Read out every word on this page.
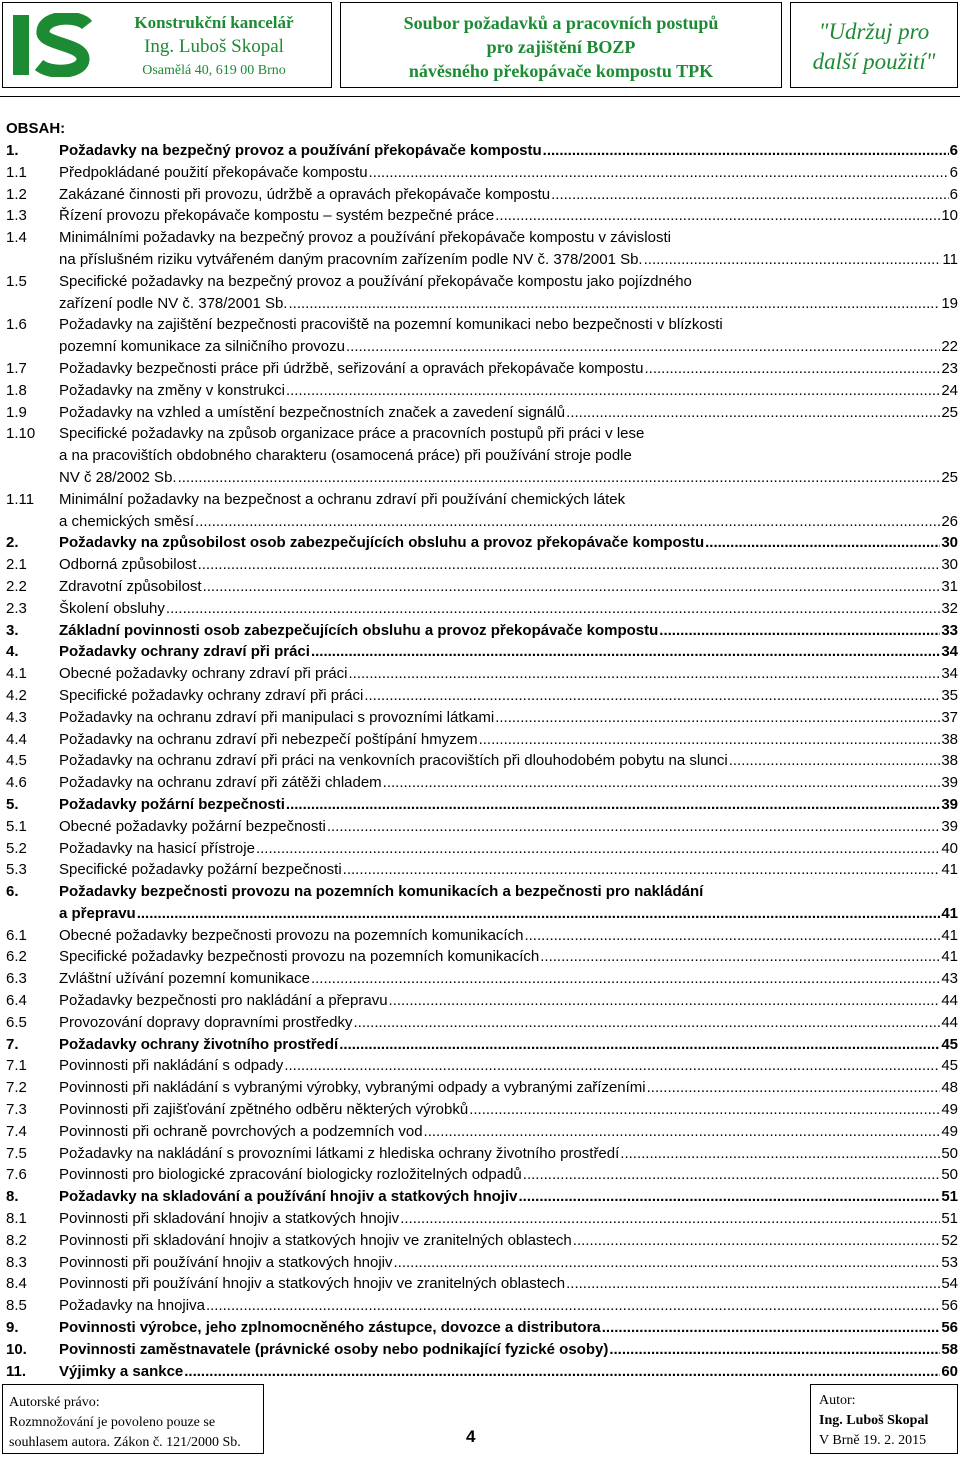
Konstrukční kancelář
Ing. Luboš Skopal
Osamělá 40, 619 00 Brno
Soubor požadavků a pracovních postupů
pro zajištění BOZP
návěsného překopávače kompostu TPK
"Udržuj pro
další použití"
OBSAH:
1.	Požadavky na bezpečný provoz a používání překopávače kompostu .....	6
1.1 Předpokládané použití překopávače kompostu .....	6
1.2 Zakázané činnosti při provozu, údržbě a opravách překopávače kompostu .....	6
1.3 Řízení provozu překopávače kompostu – systém bezpečné práce .....	10
1.4 Minimálními požadavky na bezpečný provoz a používání překopávače kompostu v závislosti
na příslušném riziku vytvářeném daným pracovním zařízením podle NV č. 378/2001 Sb. .....	11
1.5 Specifické požadavky na bezpečný provoz a používání překopávače kompostu jako pojízdného
zařízení podle NV č. 378/2001 Sb. .....	19
1.6 Požadavky na zajištění bezpečnosti pracoviště na pozemní komunikaci nebo bezpečnosti v blízkosti
pozemní komunikace za silničního provozu .....	22
1.7 Požadavky bezpečnosti práce při údržbě, seřizování a opravách překopávače kompostu .....	23
1.8 Požadavky na změny v konstrukci .....	24
1.9 Požadavky na vzhled a umístění bezpečnostních značek a zavedení signálů .....	25
1.10 Specifické požadavky na způsob organizace práce a pracovních postupů při práci v lese
a na pracovištích obdobného charakteru (osamocená práce) při používání stroje podle
NV č 28/2002 Sb. .....	25
1.11 Minimální požadavky na bezpečnost a ochranu zdraví při používání chemických látek
a chemických směsí .....	26
2.	Požadavky na způsobilost osob zabezpečujících obsluhu a provoz překopávače kompostu .....	30
2.1 Odborná způsobilost .....	30
2.2 Zdravotní způsobilost .....	31
2.3 Školení obsluhy .....	32
3.	Základní povinnosti osob zabezpečujících obsluhu a provoz překopávače kompostu .....	33
4.	Požadavky ochrany zdraví při práci .....	34
4.1 Obecné požadavky ochrany zdraví při práci .....	34
4.2 Specifické požadavky ochrany zdraví při práci .....	35
4.3 Požadavky na ochranu zdraví při manipulaci s provozními látkami .....	37
4.4 Požadavky na ochranu zdraví při nebezpečí poštípání hmyzem .....	38
4.5 Požadavky na ochranu zdraví při práci na venkovních pracovištích při dlouhodobém pobytu na slunci .....	38
4.6 Požadavky na ochranu zdraví při zátěži chladem .....	39
5.	Požadavky požární bezpečnosti .....	39
5.1 Obecné požadavky požární bezpečnosti .....	39
5.2 Požadavky na hasicí přístroje .....	40
5.3 Specifické požadavky požární bezpečnosti .....	41
6.	Požadavky bezpečnosti provozu na pozemních komunikacích a bezpečnosti pro nakládání
a přepravu .....	41
6.1 Obecné požadavky bezpečnosti provozu na pozemních komunikacích .....	41
6.2 Specifické požadavky bezpečnosti provozu na pozemních komunikacích .....	41
6.3 Zvláštní užívání pozemní komunikace .....	43
6.4 Požadavky bezpečnosti pro nakládání a přepravu .....	44
6.5 Provozování dopravy dopravními prostředky .....	44
7.	Požadavky ochrany životního prostředí .....	45
7.1 Povinnosti při nakládání s odpady .....	45
7.2 Povinnosti při nakládání s vybranými výrobky, vybranými odpady a vybranými zařízeními .....	48
7.3 Povinnosti při zajišťování zpětného odběru některých výrobků .....	49
7.4 Povinnosti při ochraně povrchových a podzemních vod .....	49
7.5 Požadavky na nakládání s provozními látkami z hlediska ochrany životního prostředí .....	50
7.6 Povinnosti pro biologické zpracování biologicky rozložitelných odpadů .....	50
8.	Požadavky na skladování a používání hnojiv a statkových hnojiv .....	51
8.1 Povinnosti při skladování hnojiv a statkových hnojiv .....	51
8.2 Povinnosti při skladování hnojiv a statkových hnojiv ve zranitelných oblastech .....	52
8.3 Povinnosti při používání hnojiv a statkových hnojiv .....	53
8.4 Povinnosti při používání hnojiv a statkových hnojiv ve zranitelných oblastech .....	54
8.5 Požadavky na hnojiva .....	56
9.	Povinnosti výrobce, jeho zplnomocněného zástupce, dovozce a distributora .....	56
10. Povinnosti zaměstnavatele (právnické osoby nebo podnikající fyzické osoby) .....	58
11. Výjimky a sankce .....	60
Autorské právo:
Rozmnožování je povoleno pouze se
souhlasem autora. Zákon č. 121/2000 Sb.	4
Autor:
Ing. Luboš Skopal
V Brně 19. 2. 2015
